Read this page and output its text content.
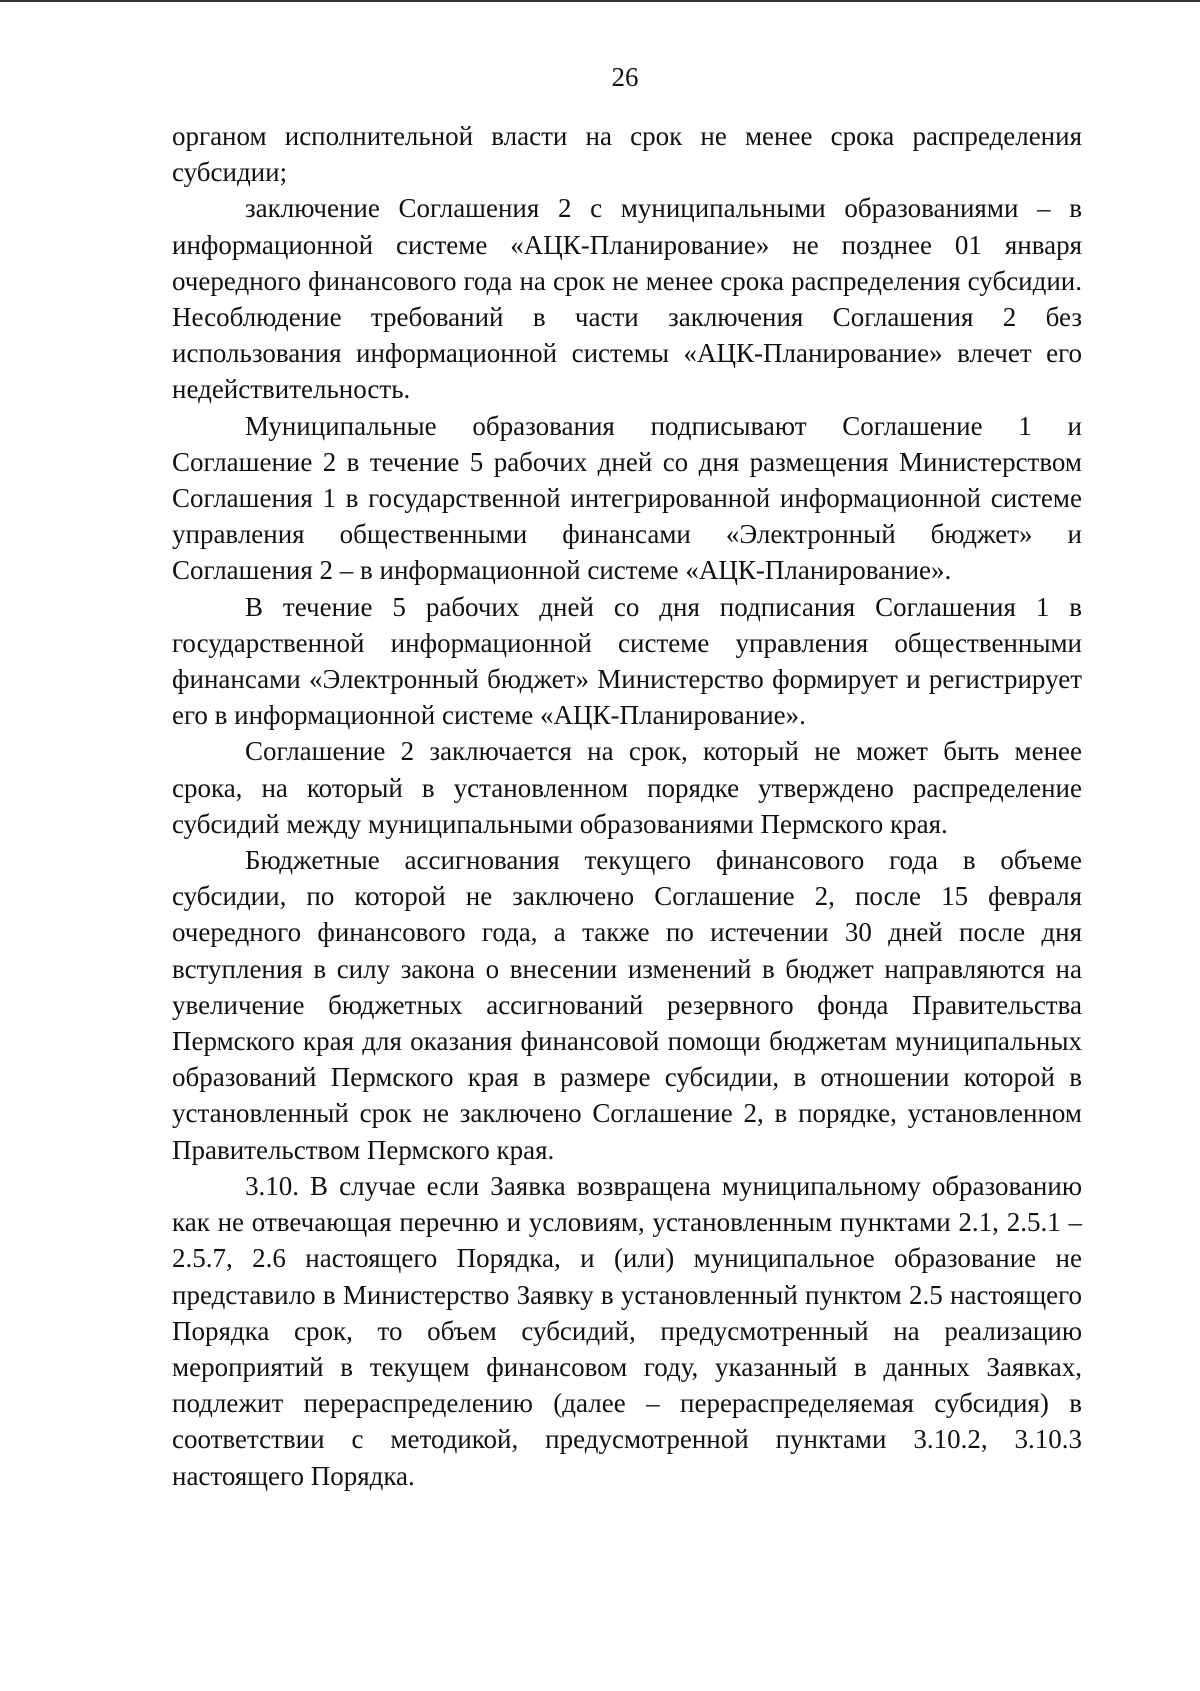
26

органом исполнительной власти на срок не менее срока распределения субсидии;

заключение Соглашения 2 с муниципальными образованиями – в информационной системе «АЦК-Планирование» не позднее 01 января очередного финансового года на срок не менее срока распределения субсидии. Несоблюдение требований в части заключения Соглашения 2 без использования информационной системы «АЦК-Планирование» влечет его недействительность.

Муниципальные образования подписывают Соглашение 1 и Соглашение 2 в течение 5 рабочих дней со дня размещения Министерством Соглашения 1 в государственной интегрированной информационной системе управления общественными финансами «Электронный бюджет» и Соглашения 2 – в информационной системе «АЦК-Планирование».

В течение 5 рабочих дней со дня подписания Соглашения 1 в государственной информационной системе управления общественными финансами «Электронный бюджет» Министерство формирует и регистрирует его в информационной системе «АЦК-Планирование».

Соглашение 2 заключается на срок, который не может быть менее срока, на который в установленном порядке утверждено распределение субсидий между муниципальными образованиями Пермского края.

Бюджетные ассигнования текущего финансового года в объеме субсидии, по которой не заключено Соглашение 2, после 15 февраля очередного финансового года, а также по истечении 30 дней после дня вступления в силу закона о внесении изменений в бюджет направляются на увеличение бюджетных ассигнований резервного фонда Правительства Пермского края для оказания финансовой помощи бюджетам муниципальных образований Пермского края в размере субсидии, в отношении которой в установленный срок не заключено Соглашение 2, в порядке, установленном Правительством Пермского края.

3.10. В случае если Заявка возвращена муниципальному образованию как не отвечающая перечню и условиям, установленным пунктами 2.1, 2.5.1 – 2.5.7, 2.6 настоящего Порядка, и (или) муниципальное образование не представило в Министерство Заявку в установленный пунктом 2.5 настоящего Порядка срок, то объем субсидий, предусмотренный на реализацию мероприятий в текущем финансовом году, указанный в данных Заявках, подлежит перераспределению (далее – перераспределяемая субсидия) в соответствии с методикой, предусмотренной пунктами 3.10.2, 3.10.3 настоящего Порядка.
